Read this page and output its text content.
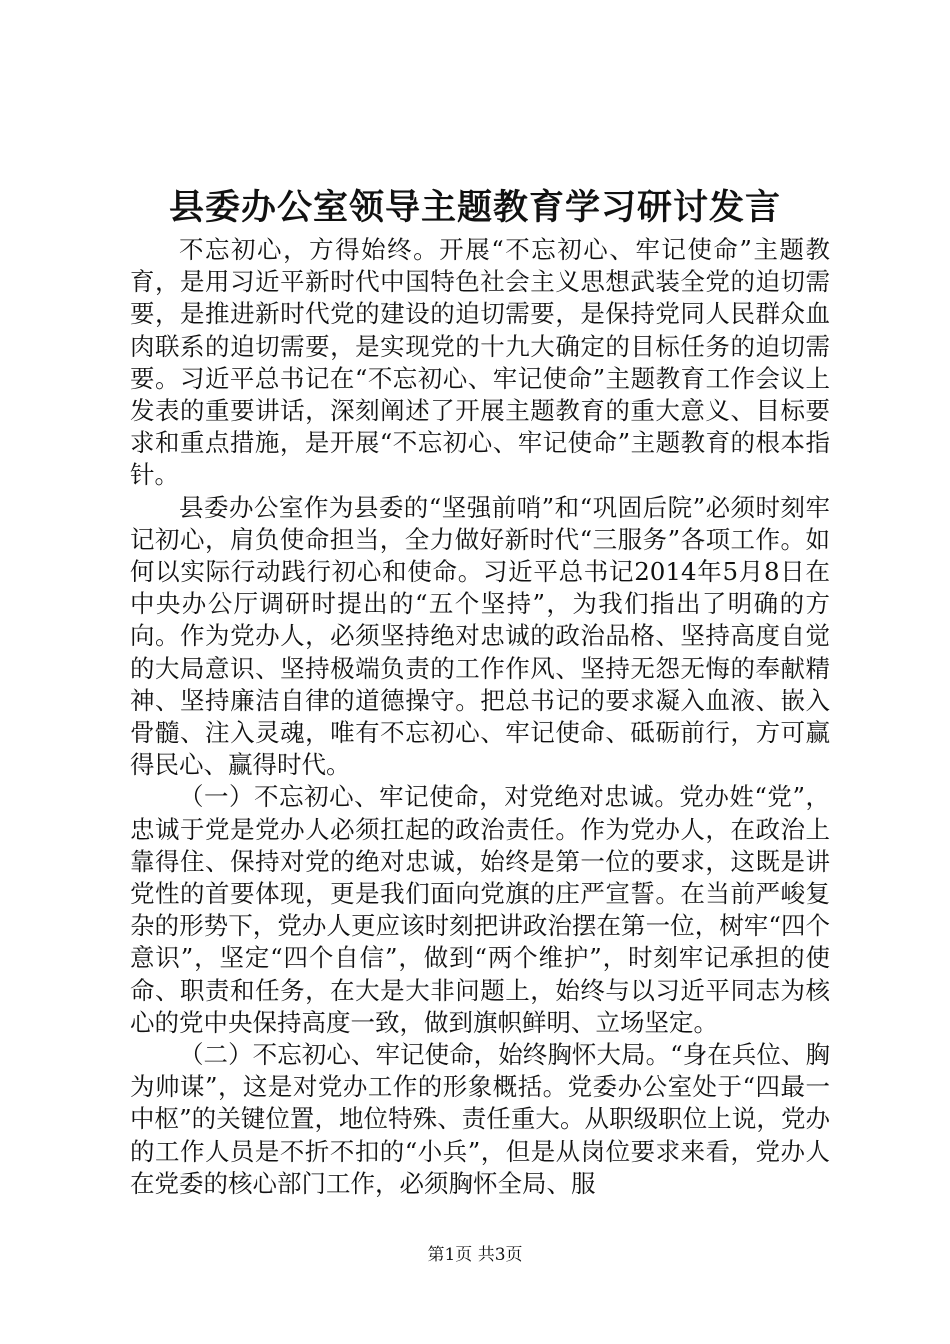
县委办公室领导主题教育学习研讨发言

不忘初心，方得始终。开展“不忘初心、牢记使命”主题教育，是用习近平新时代中国特色社会主义思想武装全党的迫切需要，是推进新时代党的建设的迫切需要，是保持党同人民群众血肉联系的迫切需要，是实现党的十九大确定的目标任务的迫切需要。习近平总书记在“不忘初心、牢记使命”主题教育工作会议上发表的重要讲话，深刻阐述了开展主题教育的重大意义、目标要求和重点措施，是开展“不忘初心、牢记使命”主题教育的根本指针。

县委办公室作为县委的“坚强前哨”和“巩固后院”必须时刻牢记初心，肩负使命担当，全力做好新时代“三服务”各项工作。如何以实际行动践行初心和使命。习近平总书记2014年5月8日在中央办公厅调研时提出的“五个坚持”，为我们指出了明确的方向。作为党办人，必须坚持绝对忠诚的政治品格、坚持高度自觉的大局意识、坚持极端负责的工作作风、坚持无怨无悔的奉献精神、坚持廉洁自律的道德操守。把总书记的要求凝入血液、嵌入骨髓、注入灵魂，唯有不忘初心、牢记使命、砥砺前行，方可赢得民心、赢得时代。

（一）不忘初心、牢记使命，对党绝对忠诚。党办姓“党”，忠诚于党是党办人必须扛起的政治责任。作为党办人，在政治上靠得住、保持对党的绝对忠诚，始终是第一位的要求，这既是讲党性的首要体现，更是我们面向党旗的庄严宣誓。在当前严峻复杂的形势下，党办人更应该时刻把讲政治摆在第一位，树牢“四个意识”，坚定“四个自信”，做到“两个维护”，时刻牢记承担的使命、职责和任务，在大是大非问题上，始终与以习近平同志为核心的党中央保持高度一致，做到旗帜鲜明、立场坚定。

（二）不忘初心、牢记使命，始终胸怀大局。“身在兵位、胸为帅谋”，这是对党办工作的形象概括。党委办公室处于“四最一中枢”的关键位置，地位特殊、责任重大。从职级职位上说，党办的工作人员是不折不扣的“小兵”，但是从岗位要求来看，党办人在党委的核心部门工作，必须胸怀全局、服

第1页 共3页
